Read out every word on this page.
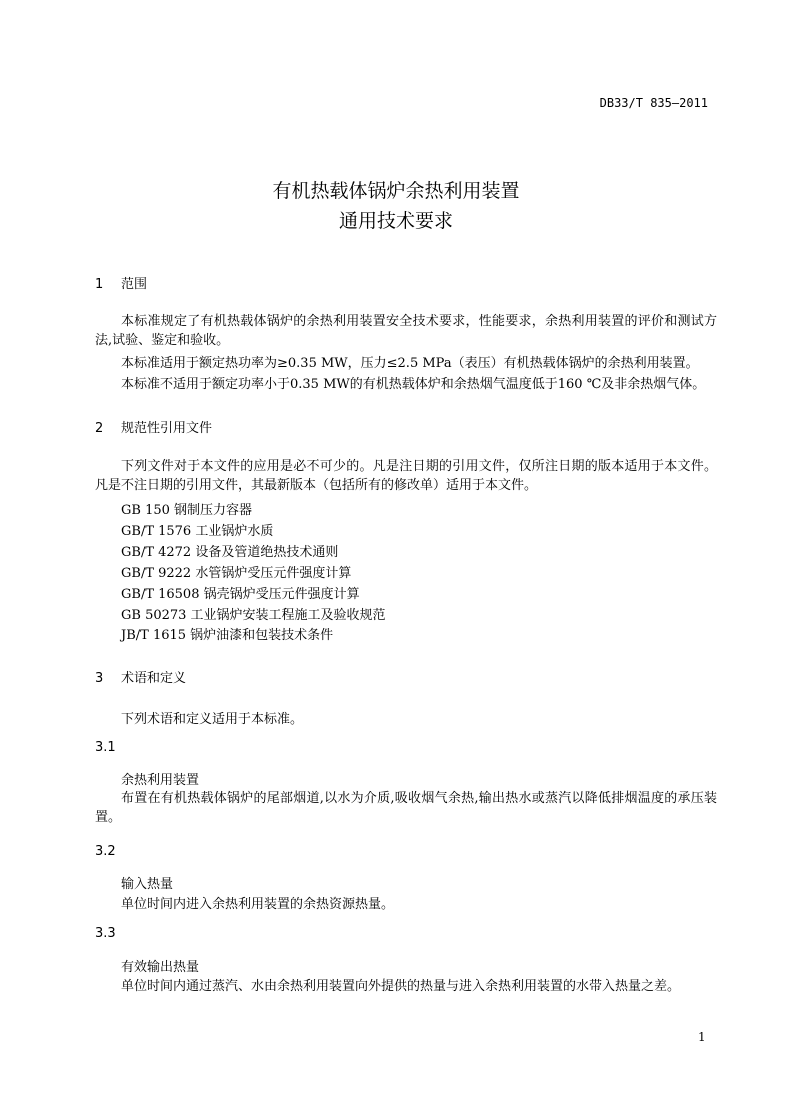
DB33/T 835—2011
有机热载体锅炉余热利用装置
通用技术要求
1 范围

本标准规定了有机热载体锅炉的余热利用装置安全技术要求，性能要求，余热利用装置的评价和测试方法,试验、鉴定和验收。

本标准适用于额定热功率为≥0.35 MW，压力≤2.5 MPa（表压）有机热载体锅炉的余热利用装置。
本标准不适用于额定功率小于0.35 MW的有机热载体炉和余热烟气温度低于160 ℃及非余热烟气体。
2 规范性引用文件

下列文件对于本文件的应用是必不可少的。凡是注日期的引用文件，仅所注日期的版本适用于本文件。凡是不注日期的引用文件，其最新版本（包括所有的修改单）适用于本文件。

GB 150 钢制压力容器
GB/T 1576 工业锅炉水质
GB/T 4272 设备及管道绝热技术通则
GB/T 9222 水管锅炉受压元件强度计算
GB/T 16508 锅壳锅炉受压元件强度计算
GB 50273 工业锅炉安装工程施工及验收规范
JB/T 1615 锅炉油漆和包装技术条件
3 术语和定义
下列术语和定义适用于本标准。
3.1
余热利用装置

布置在有机热载体锅炉的尾部烟道,以水为介质,吸收烟气余热,输出热水或蒸汽以降低排烟温度的承压装置。

3.2
输入热量
单位时间内进入余热利用装置的余热资源热量。
3.3
有效输出热量
单位时间内通过蒸汽、水由余热利用装置向外提供的热量与进入余热利用装置的水带入热量之差。
1
